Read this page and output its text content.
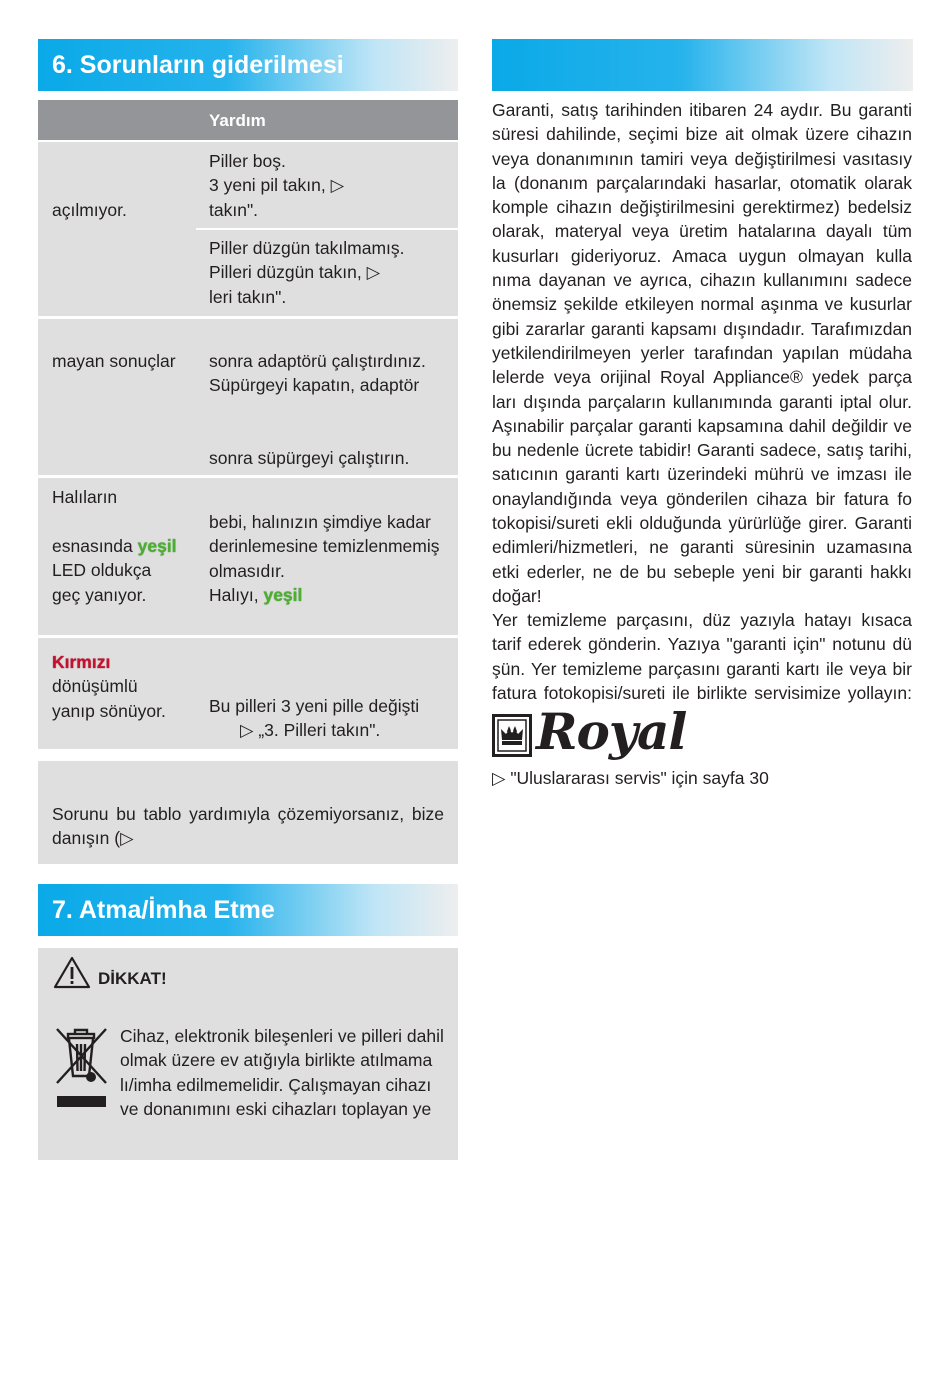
6. Sorunların giderilmesi
Yardım
açılmıyor.
Piller boş.
3 yeni pil takın, ▷
takın".
Piller düzgün takılmamış.
Pilleri düzgün takın, ▷
leri takın".
mayan sonuçlar sonra adaptörü çalıştırdınız.
Süpürgeyi kapatın, adaptör
sonra süpürgeyi çalıştırın.
Halıların
esnasında yeşil
LED oldukça
geç yanıyor.
bebi, halınızın şimdiye kadar
derinlemesine temizlenmemiş
olmasıdır.
Halıyı, yeşil
Kırmızı
dönüşümlü
yanıp sönüyor. Bu pilleri 3 yeni pille değişti
▷ „3. Pilleri takın".
Sorunu bu tablo yardımıyla çözemiyorsanız, bize danışın (▷
7. Atma/İmha Etme
DİKKAT!
Cihaz, elektronik bileşenleri ve pilleri dahil
olmak üzere ev atığıyla birlikte atılmama
lı/imha edilmemelidir. Çalışmayan cihazı
ve donanımını eski cihazları toplayan ye
Garanti, satış tarihinden itibaren 24 aydır. Bu garanti
süresi dahilinde, seçimi bize ait olmak üzere cihazın
veya donanımının tamiri veya değiştirilmesi vasıtasıy
la (donanım parçalarındaki hasarlar, otomatik olarak
komple cihazın değiştirilmesini gerektirmez) bedelsiz
olarak, materyal veya üretim hatalarına dayalı tüm
kusurları gideriyoruz. Amaca uygun olmayan kulla
nıma dayanan ve ayrıca, cihazın kullanımını sadece
önemsiz şekilde etkileyen normal aşınma ve kusurlar
gibi zararlar garanti kapsamı dışındadır. Tarafımızdan
yetkilendirilmeyen yerler tarafından yapılan müdaha
lelerde veya orijinal Royal Appliance® yedek parça
ları dışında parçaların kullanımında garanti iptal olur.
Aşınabilir parçalar garanti kapsamına dahil değildir ve
bu nedenle ücrete tabidir! Garanti sadece, satış tarihi,
satıcının garanti kartı üzerindeki mührü ve imzası ile
onaylandığında veya gönderilen cihaza bir fatura fo
tokopisi/sureti ekli olduğunda yürürlüğe girer. Garanti
edimleri/hizmetleri, ne garanti süresinin uzamasına
etki ederler, ne de bu sebeple yeni bir garanti hakkı
doğar!
Yer temizleme parçasını, düz yazıyla hatayı kısaca
tarif ederek gönderin. Yazıya "garanti için" notunu dü
şün. Yer temizleme parçasını garanti kartı ile veya bir
fatura fotokopisi/sureti ile birlikte servisimize yollayın:
Royal
▷ "Uluslararası servis" için sayfa 30
